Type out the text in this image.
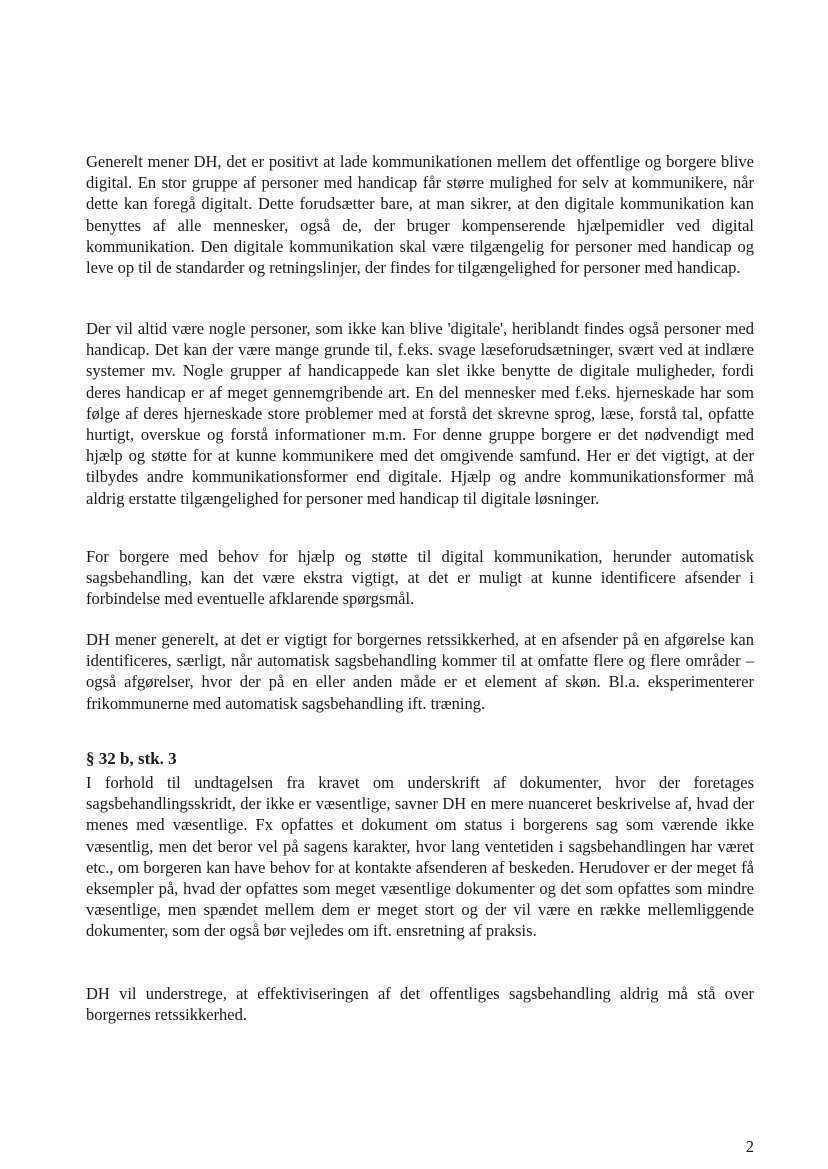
Generelt mener DH, det er positivt at lade kommunikationen mellem det offentlige og borgere blive digital. En stor gruppe af personer med handicap får større mulighed for selv at kommunikere, når dette kan foregå digitalt. Dette forudsætter bare, at man sikrer, at den digitale kommunikation kan benyttes af alle mennesker, også de, der bruger kompenserende hjælpemidler ved digital kommunikation. Den digitale kommunikation skal være tilgængelig for personer med handicap og leve op til de standarder og retningslinjer, der findes for tilgængelighed for personer med handicap.

Der vil altid være nogle personer, som ikke kan blive 'digitale', heriblandt findes også personer med handicap. Det kan der være mange grunde til, f.eks. svage læseforudsætninger, svært ved at indlære systemer mv. Nogle grupper af handicappede kan slet ikke benytte de digitale muligheder, fordi deres handicap er af meget gennemgribende art. En del mennesker med f.eks. hjerneskade har som følge af deres hjerneskade store problemer med at forstå det skrevne sprog, læse, forstå tal, opfatte hurtigt, overskue og forstå informationer m.m. For denne gruppe borgere er det nødvendigt med hjælp og støtte for at kunne kommunikere med det omgivende samfund. Her er det vigtigt, at der tilbydes andre kommunikationsformer end digitale. Hjælp og andre kommunikationsformer må aldrig erstatte tilgængelighed for personer med handicap til digitale løsninger.

For borgere med behov for hjælp og støtte til digital kommunikation, herunder automatisk sagsbehandling, kan det være ekstra vigtigt, at det er muligt at kunne identificere afsender i forbindelse med eventuelle afklarende spørgsmål.

DH mener generelt, at det er vigtigt for borgernes retssikkerhed, at en afsender på en afgørelse kan identificeres, særligt, når automatisk sagsbehandling kommer til at omfatte flere og flere områder – også afgørelser, hvor der på en eller anden måde er et element af skøn. Bl.a. eksperimenterer frikommunerne med automatisk sagsbehandling ift. træning.

§ 32 b, stk. 3

I forhold til undtagelsen fra kravet om underskrift af dokumenter, hvor der foretages sagsbehandlingsskridt, der ikke er væsentlige, savner DH en mere nuanceret beskrivelse af, hvad der menes med væsentlige. Fx opfattes et dokument om status i borgerens sag som værende ikke væsentlig, men det beror vel på sagens karakter, hvor lang ventetiden i sagsbehandlingen har været etc., om borgeren kan have behov for at kontakte afsenderen af beskeden. Herudover er der meget få eksempler på, hvad der opfattes som meget væsentlige dokumenter og det som opfattes som mindre væsentlige, men spændet mellem dem er meget stort og der vil være en række mellemliggende dokumenter, som der også bør vejledes om ift. ensretning af praksis.

DH vil understrege, at effektiviseringen af det offentliges sagsbehandling aldrig må stå over borgernes retssikkerhed.

2
